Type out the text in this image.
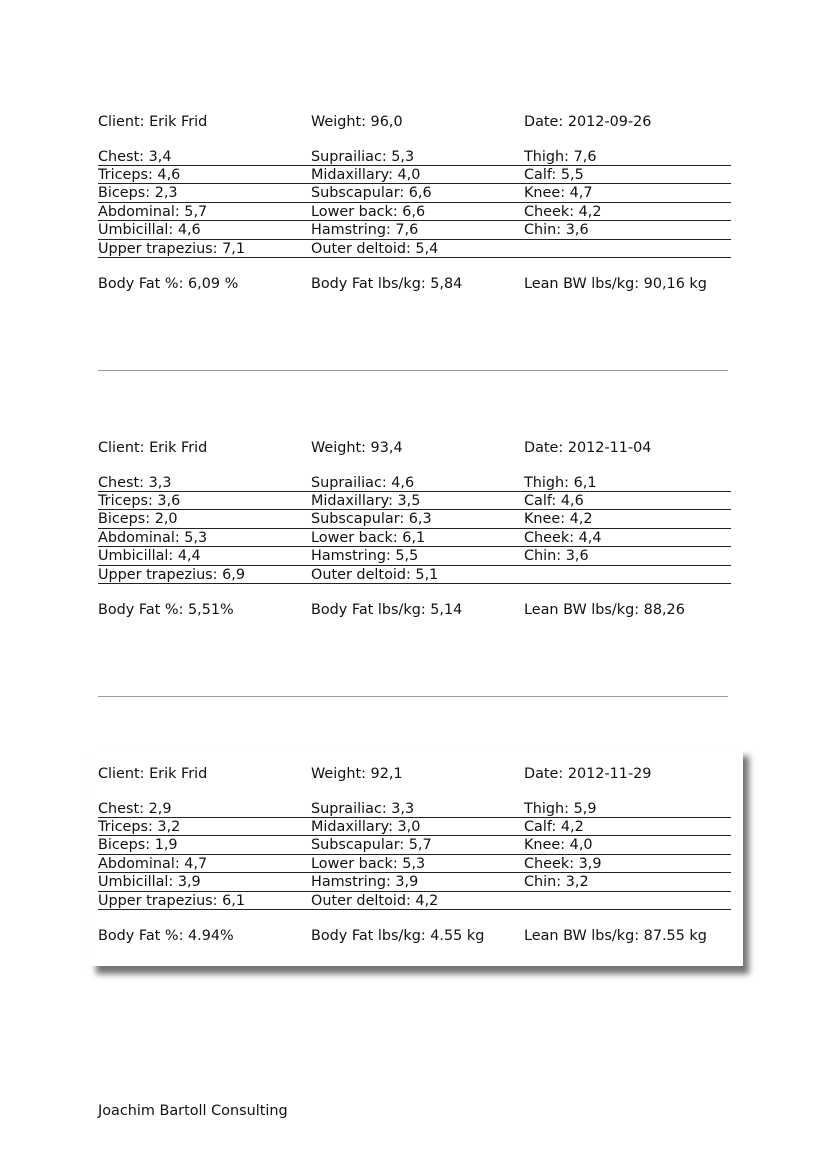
Client: Erik Frid	Weight: 96,0	Date: 2012-09-26
Chest: 3,4	Suprailiac: 5,3	Thigh: 7,6
Triceps: 4,6	Midaxillary: 4,0	Calf: 5,5
Biceps: 2,3	Subscapular: 6,6	Knee: 4,7
Abdominal: 5,7	Lower back: 6,6	Cheek: 4,2
Umbicillal: 4,6	Hamstring: 7,6	Chin: 3,6
Upper trapezius: 7,1	Outer deltoid: 5,4
Body Fat %: 6,09 %	Body Fat lbs/kg: 5,84	Lean BW lbs/kg: 90,16 kg
Client: Erik Frid	Weight: 93,4	Date: 2012-11-04
Chest: 3,3	Suprailiac: 4,6	Thigh: 6,1
Triceps: 3,6	Midaxillary: 3,5	Calf: 4,6
Biceps: 2,0	Subscapular: 6,3	Knee: 4,2
Abdominal: 5,3	Lower back: 6,1	Cheek: 4,4
Umbicillal: 4,4	Hamstring: 5,5	Chin: 3,6
Upper trapezius: 6,9	Outer deltoid: 5,1
Body Fat %: 5,51%	Body Fat lbs/kg: 5,14	Lean BW lbs/kg: 88,26
Client: Erik Frid	Weight: 92,1	Date: 2012-11-29
Chest: 2,9	Suprailiac: 3,3	Thigh: 5,9
Triceps: 3,2	Midaxillary: 3,0	Calf: 4,2
Biceps: 1,9	Subscapular: 5,7	Knee: 4,0
Abdominal: 4,7	Lower back: 5,3	Cheek: 3,9
Umbicillal: 3,9	Hamstring: 3,9	Chin: 3,2
Upper trapezius: 6,1	Outer deltoid: 4,2
Body Fat %: 4.94%	Body Fat lbs/kg: 4.55 kg	Lean BW lbs/kg: 87.55 kg
Joachim Bartoll Consulting
